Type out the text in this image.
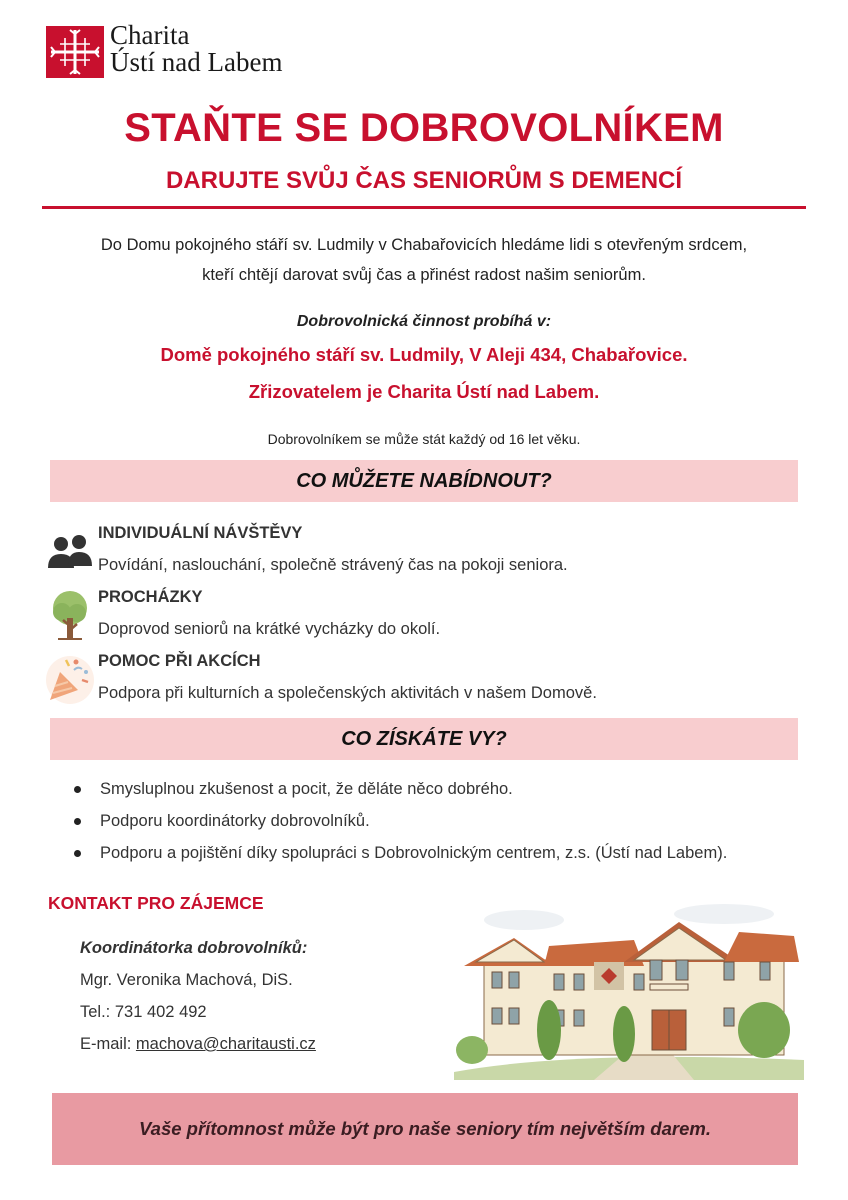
Charita
Ústí nad Labem
STAŇTE SE DOBROVOLNÍKEM
DARUJTE SVŮJ ČAS SENIORŮM S DEMENCÍ
Do Domu pokojného stáří sv. Ludmily v Chabařovicích hledáme lidi s otevřeným srdcem,
kteří chtějí darovat svůj čas a přinést radost našim seniorům.
Dobrovolnická činnost probíhá v:
Domě pokojného stáří sv. Ludmily, V Aleji 434, Chabařovice.
Zřizovatelem je Charita Ústí nad Labem.
Dobrovolníkem se může stát každý od 16 let věku.
CO MŮŽETE NABÍDNOUT?
INDIVIDUÁLNÍ NÁVŠTĚVY
Povídání, naslouchání, společně strávený čas na pokoji seniora.
PROCHÁZKY
Doprovod seniorů na krátké vycházky do okolí.
POMOC PŘI AKCÍCH
Podpora při kulturních a společenských aktivitách v našem Domově.
CO ZÍSKÁTE VY?
Smysluplnou zkušenost a pocit, že děláte něco dobrého.
Podporu koordinátorky dobrovolníků.
Podporu a pojištění díky spolupráci s Dobrovolnickým centrem, z.s. (Ústí nad Labem).
KONTAKT PRO ZÁJEMCE
Koordinátorka dobrovolníků:
Mgr. Veronika Machová, DiS.
Tel.: 731 402 492
E-mail: machova@charitausti.cz
Vaše přítomnost může být pro naše seniory tím největším darem.
